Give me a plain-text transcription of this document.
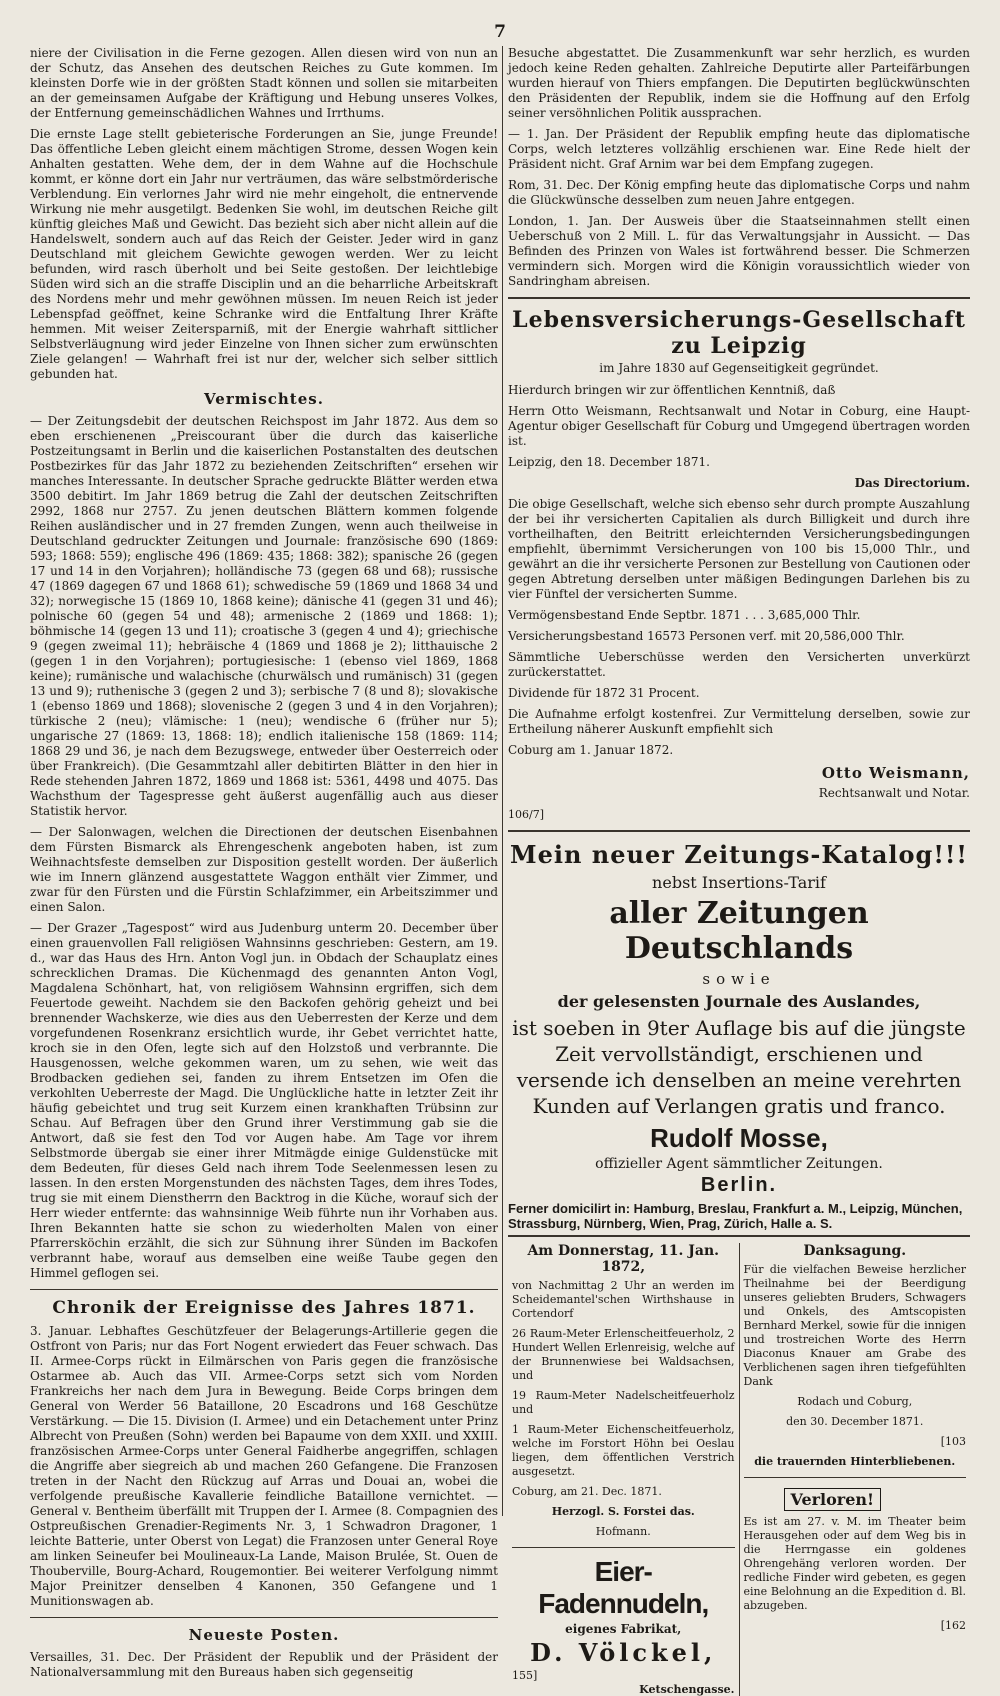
7

niere der Civilisation in die Ferne gezogen. Allen diesen wird von nun an der Schutz, das Ansehen des deutschen Reiches zu Gute kommen. Im kleinsten Dorfe wie in der größten Stadt können und sollen sie mitarbeiten an der gemeinsamen Aufgabe der Kräftigung und Hebung unseres Volkes, der Entfernung gemeinschädlichen Wahnes und Irrthums.

Die ernste Lage stellt gebieterische Forderungen an Sie, junge Freunde! Das öffentliche Leben gleicht einem mächtigen Strome, dessen Wogen kein Anhalten gestatten. Wehe dem, der in dem Wahne auf die Hochschule kommt, er könne dort ein Jahr nur verträumen, das wäre selbstmörderische Verblendung. Ein verlornes Jahr wird nie mehr eingeholt, die entnervende Wirkung nie mehr ausgetilgt. Bedenken Sie wohl, im deutschen Reiche gilt künftig gleiches Maß und Gewicht. Das bezieht sich aber nicht allein auf die Handelswelt, sondern auch auf das Reich der Geister. Jeder wird in ganz Deutschland mit gleichem Gewichte gewogen werden. Wer zu leicht befunden, wird rasch überholt und bei Seite gestoßen. Der leichtlebige Süden wird sich an die straffe Disciplin und an die beharrliche Arbeitskraft des Nordens mehr und mehr gewöhnen müssen. Im neuen Reich ist jeder Lebenspfad geöffnet, keine Schranke wird die Entfaltung Ihrer Kräfte hemmen. Mit weiser Zeitersparniß, mit der Energie wahrhaft sittlicher Selbstverläugnung wird jeder Einzelne von Ihnen sicher zum erwünschten Ziele gelangen! — Wahrhaft frei ist nur der, welcher sich selber sittlich gebunden hat.

Vermischtes.

— Der Zeitungsdebit der deutschen Reichspost im Jahr 1872. Aus dem so eben erschienenen „Preiscourant über die durch das kaiserliche Postzeitungsamt in Berlin und die kaiserlichen Postanstalten des deutschen Postbezirkes für das Jahr 1872 zu beziehenden Zeitschriften“ ersehen wir manches Interessante. In deutscher Sprache gedruckte Blätter werden etwa 3500 debitirt. Im Jahr 1869 betrug die Zahl der deutschen Zeitschriften 2992, 1868 nur 2757. Zu jenen deutschen Blättern kommen folgende Reihen ausländischer und in 27 fremden Zungen, wenn auch theilweise in Deutschland gedruckter Zeitungen und Journale: französische 690 (1869: 593; 1868: 559); englische 496 (1869: 435; 1868: 382); spanische 26 (gegen 17 und 14 in den Vorjahren); holländische 73 (gegen 68 und 68); russische 47 (1869 dagegen 67 und 1868 61); schwedische 59 (1869 und 1868 34 und 32); norwegische 15 (1869 10, 1868 keine); dänische 41 (gegen 31 und 46); polnische 60 (gegen 54 und 48); armenische 2 (1869 und 1868: 1); böhmische 14 (gegen 13 und 11); croatische 3 (gegen 4 und 4); griechische 9 (gegen zweimal 11); hebräische 4 (1869 und 1868 je 2); litthauische 2 (gegen 1 in den Vorjahren); portugiesische: 1 (ebenso viel 1869, 1868 keine); rumänische und walachische (churwälsch und rumänisch) 31 (gegen 13 und 9); ruthenische 3 (gegen 2 und 3); serbische 7 (8 und 8); slovakische 1 (ebenso 1869 und 1868); slovenische 2 (gegen 3 und 4 in den Vorjahren); türkische 2 (neu); vlämische: 1 (neu); wendische 6 (früher nur 5); ungarische 27 (1869: 13, 1868: 18); endlich italienische 158 (1869: 114; 1868 29 und 36, je nach dem Bezugswege, entweder über Oesterreich oder über Frankreich). (Die Gesammtzahl aller debitirten Blätter in den hier in Rede stehenden Jahren 1872, 1869 und 1868 ist: 5361, 4498 und 4075. Das Wachsthum der Tagespresse geht äußerst augenfällig auch aus dieser Statistik hervor.

— Der Salonwagen, welchen die Directionen der deutschen Eisenbahnen dem Fürsten Bismarck als Ehrengeschenk angeboten haben, ist zum Weihnachtsfeste demselben zur Disposition gestellt worden. Der äußerlich wie im Innern glänzend ausgestattete Waggon enthält vier Zimmer, und zwar für den Fürsten und die Fürstin Schlafzimmer, ein Arbeitszimmer und einen Salon.

— Der Grazer „Tagespost“ wird aus Judenburg unterm 20. December über einen grauenvollen Fall religiösen Wahnsinns geschrieben: Gestern, am 19. d., war das Haus des Hrn. Anton Vogl jun. in Obdach der Schauplatz eines schrecklichen Dramas. Die Küchenmagd des genannten Anton Vogl, Magdalena Schönhart, hat, von religiösem Wahnsinn ergriffen, sich dem Feuertode geweiht. Nachdem sie den Backofen gehörig geheizt und bei brennender Wachskerze, wie dies aus den Ueberresten der Kerze und dem vorgefundenen Rosenkranz ersichtlich wurde, ihr Gebet verrichtet hatte, kroch sie in den Ofen, legte sich auf den Holzstoß und verbrannte. Die Hausgenossen, welche gekommen waren, um zu sehen, wie weit das Brodbacken gediehen sei, fanden zu ihrem Entsetzen im Ofen die verkohlten Ueberreste der Magd. Die Unglückliche hatte in letzter Zeit ihr häufig gebeichtet und trug seit Kurzem einen krankhaften Trübsinn zur Schau. Auf Befragen über den Grund ihrer Verstimmung gab sie die Antwort, daß sie fest den Tod vor Augen habe. Am Tage vor ihrem Selbstmorde übergab sie einer ihrer Mitmägde einige Guldenstücke mit dem Bedeuten, für dieses Geld nach ihrem Tode Seelenmessen lesen zu lassen. In den ersten Morgenstunden des nächsten Tages, dem ihres Todes, trug sie mit einem Dienstherrn den Backtrog in die Küche, worauf sich der Herr wieder entfernte: das wahnsinnige Weib führte nun ihr Vorhaben aus. Ihren Bekannten hatte sie schon zu wiederholten Malen von einer Pfarrersköchin erzählt, die sich zur Sühnung ihrer Sünden im Backofen verbrannt habe, worauf aus demselben eine weiße Taube gegen den Himmel geflogen sei.

Chronik der Ereignisse des Jahres 1871.

3. Januar. Lebhaftes Geschützfeuer der Belagerungs-Artillerie gegen die Ostfront von Paris; nur das Fort Nogent erwiedert das Feuer schwach. Das II. Armee-Corps rückt in Eilmärschen von Paris gegen die französische Ostarmee ab. Auch das VII. Armee-Corps setzt sich vom Norden Frankreichs her nach dem Jura in Bewegung. Beide Corps bringen dem General von Werder 56 Bataillone, 20 Escadrons und 168 Geschütze Verstärkung. — Die 15. Division (I. Armee) und ein Detachement unter Prinz Albrecht von Preußen (Sohn) werden bei Bapaume von dem XXII. und XXIII. französischen Armee-Corps unter General Faidherbe angegriffen, schlagen die Angriffe aber siegreich ab und machen 260 Gefangene. Die Franzosen treten in der Nacht den Rückzug auf Arras und Douai an, wobei die verfolgende preußische Kavallerie feindliche Bataillone vernichtet. — General v. Bentheim überfällt mit Truppen der I. Armee (8. Compagnien des Ostpreußischen Grenadier-Regiments Nr. 3, 1 Schwadron Dragoner, 1 leichte Batterie, unter Oberst von Legat) die Franzosen unter General Roye am linken Seineufer bei Moulineaux-La Lande, Maison Brulée, St. Ouen de Thouberville, Bourg-Achard, Rougemontier. Bei weiterer Verfolgung nimmt Major Preinitzer denselben 4 Kanonen, 350 Gefangene und 1 Munitionswagen ab.

Neueste Posten.

Versailles, 31. Dec. Der Präsident der Republik und der Präsident der Nationalversammlung mit den Bureaus haben sich gegenseitig

Besuche abgestattet. Die Zusammenkunft war sehr herzlich, es wurden jedoch keine Reden gehalten. Zahlreiche Deputirte aller Parteifärbungen wurden hierauf von Thiers empfangen. Die Deputirten beglückwünschten den Präsidenten der Republik, indem sie die Hoffnung auf den Erfolg seiner versöhnlichen Politik aussprachen.

— 1. Jan. Der Präsident der Republik empfing heute das diplomatische Corps, welch letzteres vollzählig erschienen war. Eine Rede hielt der Präsident nicht. Graf Arnim war bei dem Empfang zugegen.

Rom, 31. Dec. Der König empfing heute das diplomatische Corps und nahm die Glückwünsche desselben zum neuen Jahre entgegen.

London, 1. Jan. Der Ausweis über die Staatseinnahmen stellt einen Ueberschuß von 2 Mill. L. für das Verwaltungsjahr in Aussicht. — Das Befinden des Prinzen von Wales ist fortwährend besser. Die Schmerzen vermindern sich. Morgen wird die Königin voraussichtlich wieder von Sandringham abreisen.

Lebensversicherungs-Gesellschaft zu Leipzig
im Jahre 1830 auf Gegenseitigkeit gegründet.

Hierdurch bringen wir zur öffentlichen Kenntniß, daß

Herrn Otto Weismann, Rechtsanwalt und Notar in Coburg, eine Haupt-Agentur obiger Gesellschaft für Coburg und Umgegend übertragen worden ist.

Leipzig, den 18. December 1871.

Das Directorium.

Die obige Gesellschaft, welche sich ebenso sehr durch prompte Auszahlung der bei ihr versicherten Capitalien als durch Billigkeit und durch ihre vortheilhaften, den Beitritt erleichternden Versicherungsbedingungen empfiehlt, übernimmt Versicherungen von 100 bis 15,000 Thlr., und gewährt an die ihr versicherte Personen zur Bestellung von Cautionen oder gegen Abtretung derselben unter mäßigen Bedingungen Darlehen bis zu vier Fünftel der versicherten Summe.

Vermögensbestand Ende Septbr. 1871 . . . 3,685,000 Thlr.

Versicherungsbestand 16573 Personen verf. mit 20,586,000 Thlr.

Sämmtliche Ueberschüsse werden den Versicherten unverkürzt zurückerstattet.

Dividende für 1872 31 Procent.

Die Aufnahme erfolgt kostenfrei. Zur Vermittelung derselben, sowie zur Ertheilung näherer Auskunft empfiehlt sich

Coburg am 1. Januar 1872.

Otto Weismann,

Rechtsanwalt und Notar.

106/7]

Mein neuer Zeitungs-Katalog!!!
nebst Insertions-Tarif
aller Zeitungen Deutschlands
sowie
der gelesensten Journale des Auslandes,
ist soeben in 9ter Auflage bis auf die jüngste Zeit vervollständigt, erschienen und versende ich denselben an meine verehrten Kunden auf Verlangen gratis und franco.
Rudolf Mosse,
offizieller Agent sämmtlicher Zeitungen.
Berlin.
Ferner domicilirt in: Hamburg, Breslau, Frankfurt a. M., Leipzig, München, Strassburg, Nürnberg, Wien, Prag, Zürich, Halle a. S.
Am Donnerstag, 11. Jan. 1872,

von Nachmittag 2 Uhr an werden im Scheidemantel'schen Wirthshause in Cortendorf

26 Raum-Meter Erlenscheitfeuerholz, 2 Hundert Wellen Erlenreisig, welche auf der Brunnenwiese bei Waldsachsen, und

19 Raum-Meter Nadelscheitfeuerholz und

1 Raum-Meter Eichenscheitfeuerholz, welche im Forstort Höhn bei Oeslau liegen, dem öffentlichen Verstrich ausgesetzt.

Coburg, am 21. Dec. 1871.

Herzogl. S. Forstei das.

Hofmann.

Eier-Fadennudeln,
eigenes Fabrikat,
D. Völckel,

155]

Ketschengasse.
Danksagung.

Für die vielfachen Beweise herzlicher Theilnahme bei der Beerdigung unseres geliebten Bruders, Schwagers und Onkels, des Amtscopisten Bernhard Merkel, sowie für die innigen und trostreichen Worte des Herrn Diaconus Knauer am Grabe des Verblichenen sagen ihren tiefgefühlten Dank

Rodach und Coburg,

den 30. December 1871.

[103

die trauernden Hinterbliebenen.

Verloren!

Es ist am 27. v. M. im Theater beim Herausgehen oder auf dem Weg bis in die Herrngasse ein goldenes Ohrengehäng verloren worden. Der redliche Finder wird gebeten, es gegen eine Belohnung an die Expedition d. Bl. abzugeben.

[162
